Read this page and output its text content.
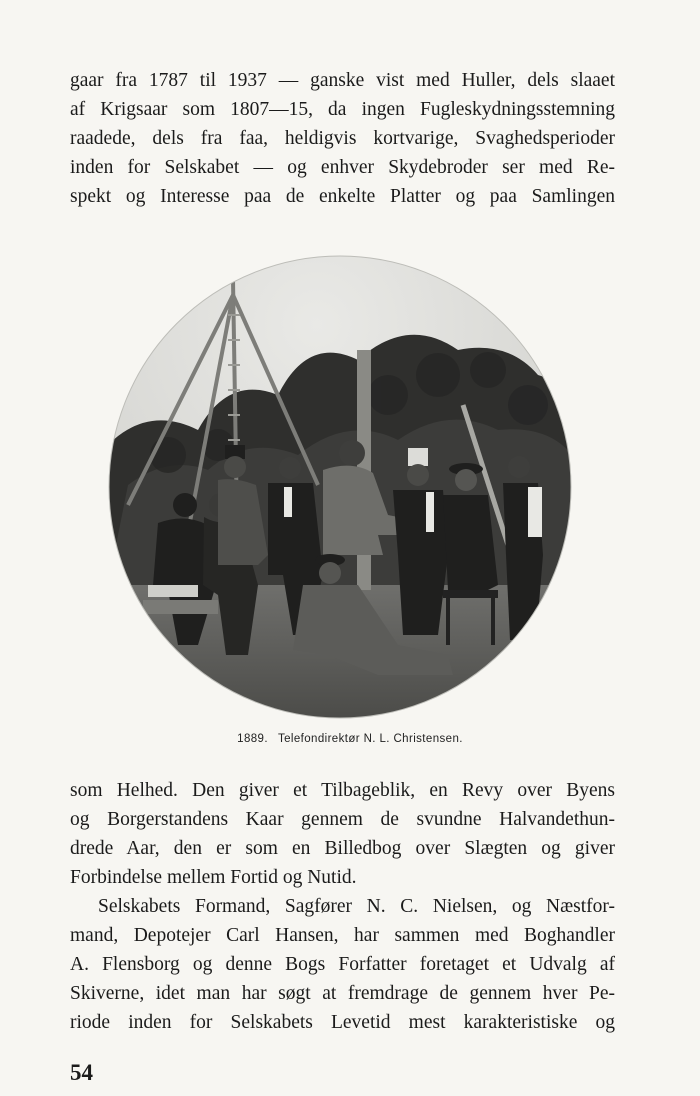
gaar fra 1787 til 1937 — ganske vist med Huller, dels slaaet
af Krigsaar som 1807—15, da ingen Fugleskydningsstemning
raadede, dels fra faa, heldigvis kortvarige, Svaghedsperioder
inden for Selskabet — og enhver Skydebroder ser med Re-
spekt og Interesse paa de enkelte Platter og paa Samlingen
1889. Telefondirektør N. L. Christensen.
som Helhed. Den giver et Tilbageblik, en Revy over Byens
og Borgerstandens Kaar gennem de svundne Halvandethun-
drede Aar, den er som en Billedbog over Slægten og giver
Forbindelse mellem Fortid og Nutid.
Selskabets Formand, Sagfører N. C. Nielsen, og Næstfor-
mand, Depotejer Carl Hansen, har sammen med Boghandler
A. Flensborg og denne Bogs Forfatter foretaget et Udvalg af
Skiverne, idet man har søgt at fremdrage de gennem hver Pe-
riode inden for Selskabets Levetid mest karakteristiske og
54
